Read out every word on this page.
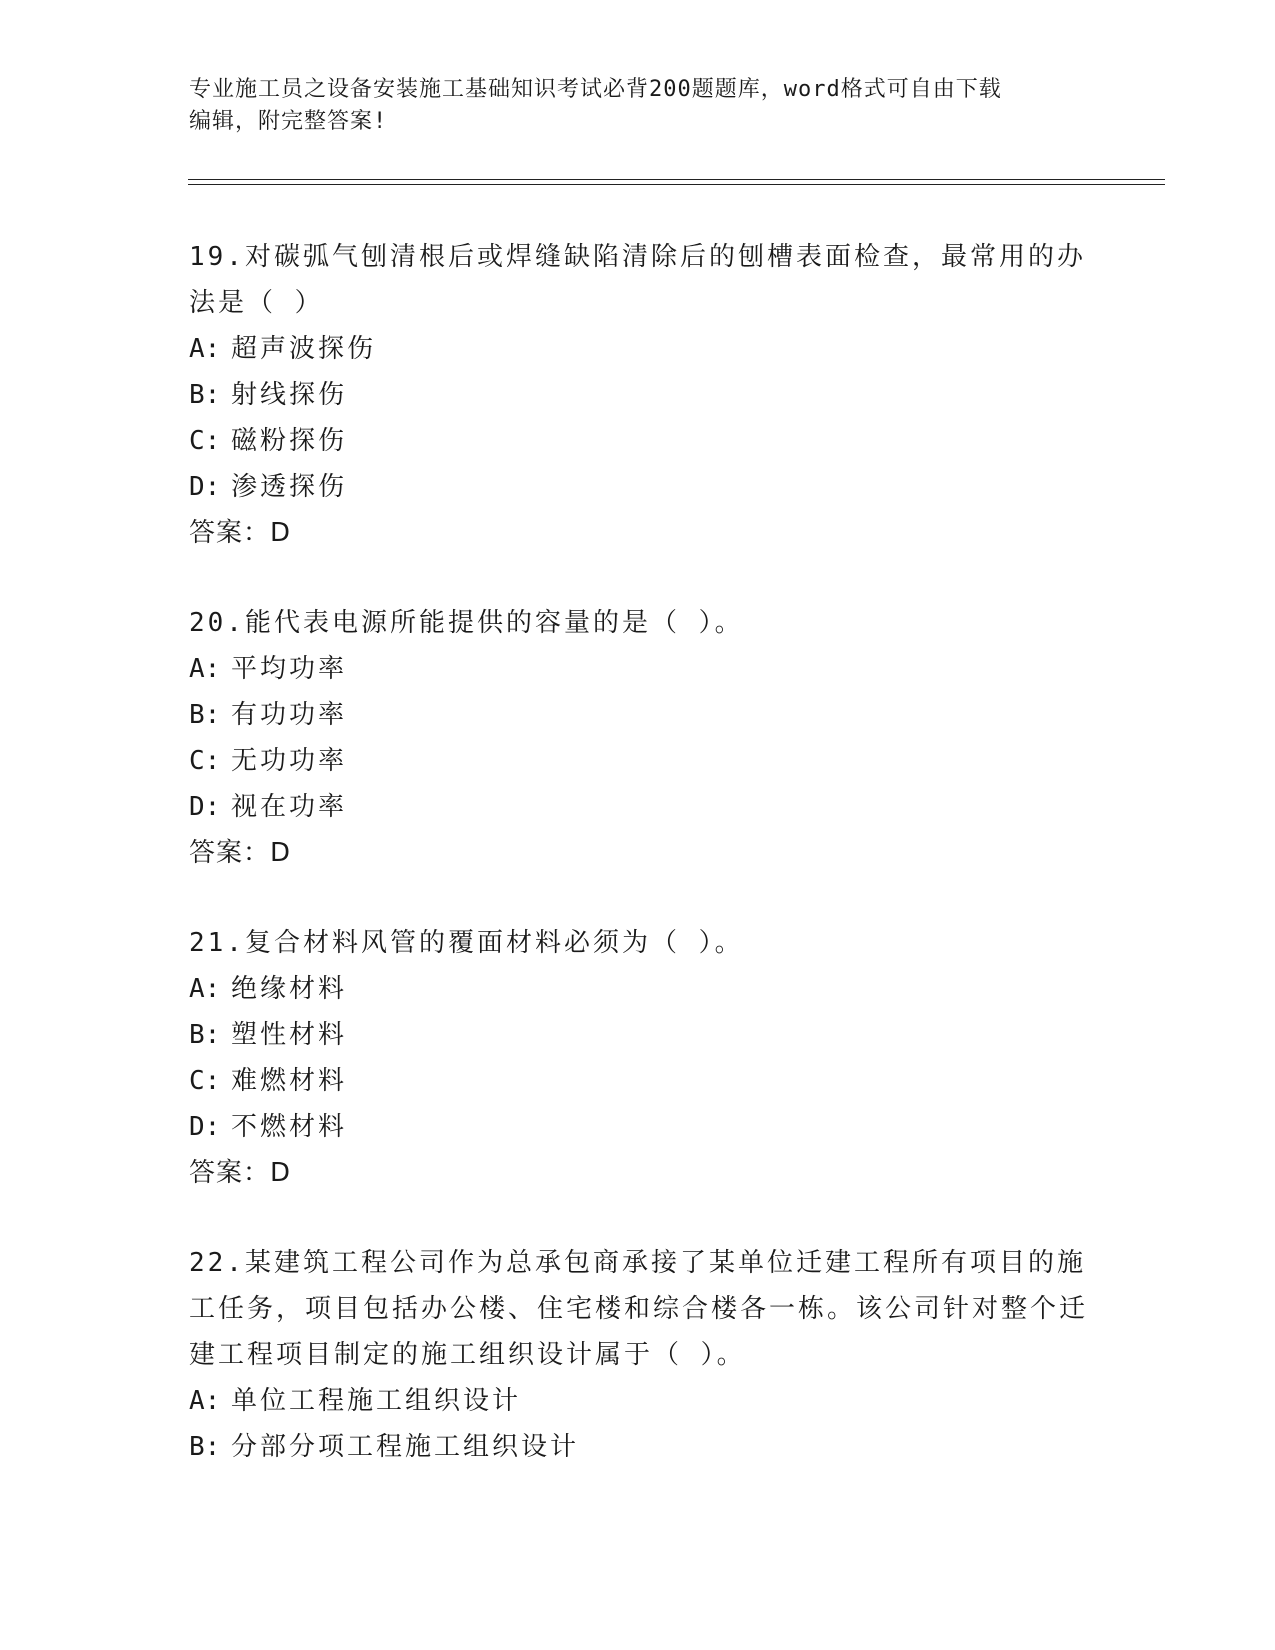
专业施工员之设备安装施工基础知识考试必背200题题库，word格式可自由下载

编辑，附完整答案!

19.对碳弧气刨清根后或焊缝缺陷清除后的刨槽表面检查，最常用的办法是（ ）

A: 超声波探伤
B: 射线探伤
C: 磁粉探伤
D: 渗透探伤

答案：D

20.能代表电源所能提供的容量的是（ ）。

A: 平均功率
B: 有功功率
C: 无功功率
D: 视在功率

答案：D

21.复合材料风管的覆面材料必须为（ ）。

A: 绝缘材料
B: 塑性材料
C: 难燃材料
D: 不燃材料

答案：D

22.某建筑工程公司作为总承包商承接了某单位迁建工程所有项目的施工任务，项目包括办公楼、住宅楼和综合楼各一栋。该公司针对整个迁建工程项目制定的施工组织设计属于（ ）。

A: 单位工程施工组织设计
B: 分部分项工程施工组织设计
